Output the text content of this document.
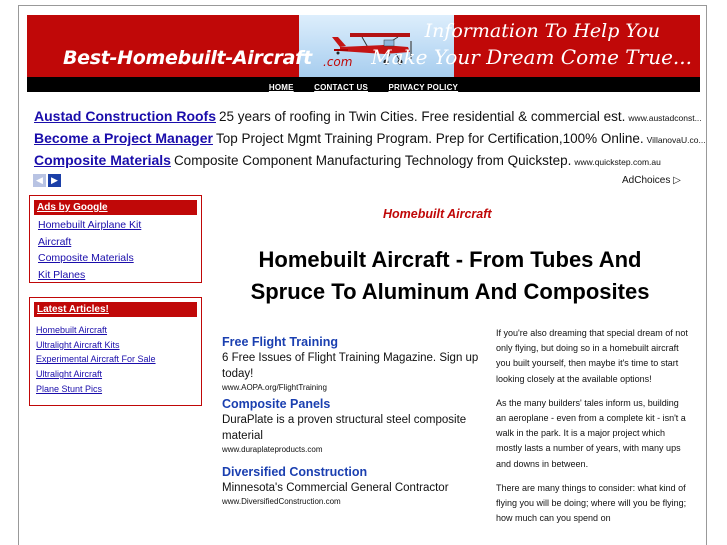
Best-Homebuilt-Aircraft .com
Information To Help You
Make Your Dream Come True...
HOME	CONTACT US	PRIVACY POLICY
Austad Construction Roofs 25 years of roofing in Twin Cities. Free residential & commercial est. www.austadconst...
Become a Project Manager Top Project Mgmt Training Program. Prep for Certification,100% Online. VillanovaU.co...
Composite Materials Composite Component Manufacturing Technology from Quickstep. www.quickstep.com.au
◀ ▶	AdChoices ▷
Ads by Google
Homebuilt Airplane Kit
Aircraft
Composite Materials
Kit Planes
Latest Articles!
Homebuilt Aircraft
Ultralight Aircraft Kits
Experimental Aircraft For Sale
Ultralight Aircraft
Plane Stunt Pics
Homebuilt Aircraft
Homebuilt Aircraft - From Tubes And Spruce To Aluminum And Composites
Free Flight Training
6 Free Issues of Flight Training Magazine. Sign up today!
www.AOPA.org/FlightTraining
Composite Panels
DuraPlate is a proven structural steel composite material
www.duraplateproducts.com
Diversified Construction
Minnesota's Commercial General Contractor
www.DiversifiedConstruction.com

If you're also dreaming that special dream of not only flying, but doing so in a homebuilt aircraft you built yourself, then maybe it's time to start looking closely at the available options!

As the many builders' tales inform us, building an aeroplane - even from a complete kit - isn't a walk in the park. It is a major project which mostly lasts a number of years, with many ups and downs in between.

There are many things to consider: what kind of flying you will be doing; where will you be flying; how much can you spend on
